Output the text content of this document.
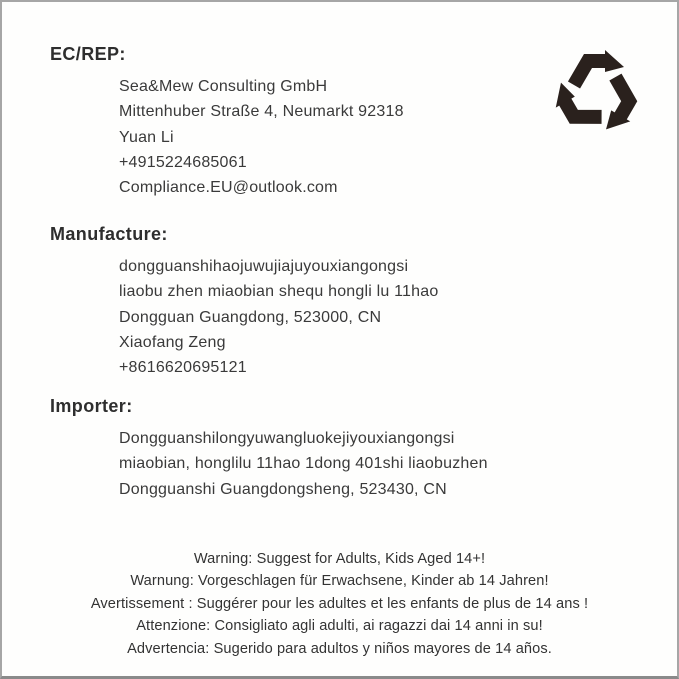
EC/REP:
Sea&Mew Consulting GmbH
Mittenhuber Straße 4, Neumarkt 92318
Yuan Li
+4915224685061
Compliance.EU@outlook.com
Manufacture:
dongguanshihaojuwujiajuyouxiangongsi
liaobu zhen miaobian shequ hongli lu 11hao
Dongguan Guangdong, 523000, CN
Xiaofang Zeng
+8616620695121
Importer:
Dongguanshilongyuwangluokejiyouxiangongsi
miaobian, honglilu 11hao 1dong 401shi liaobuzhen
Dongguanshi Guangdongsheng, 523430, CN
Warning: Suggest for Adults, Kids Aged 14+!
Warnung: Vorgeschlagen für Erwachsene, Kinder ab 14 Jahren!
Avertissement : Suggérer pour les adultes et les enfants de plus de 14 ans !
Attenzione: Consigliato agli adulti, ai ragazzi dai 14 anni in su!
Advertencia: Sugerido para adultos y niños mayores de 14 años.
